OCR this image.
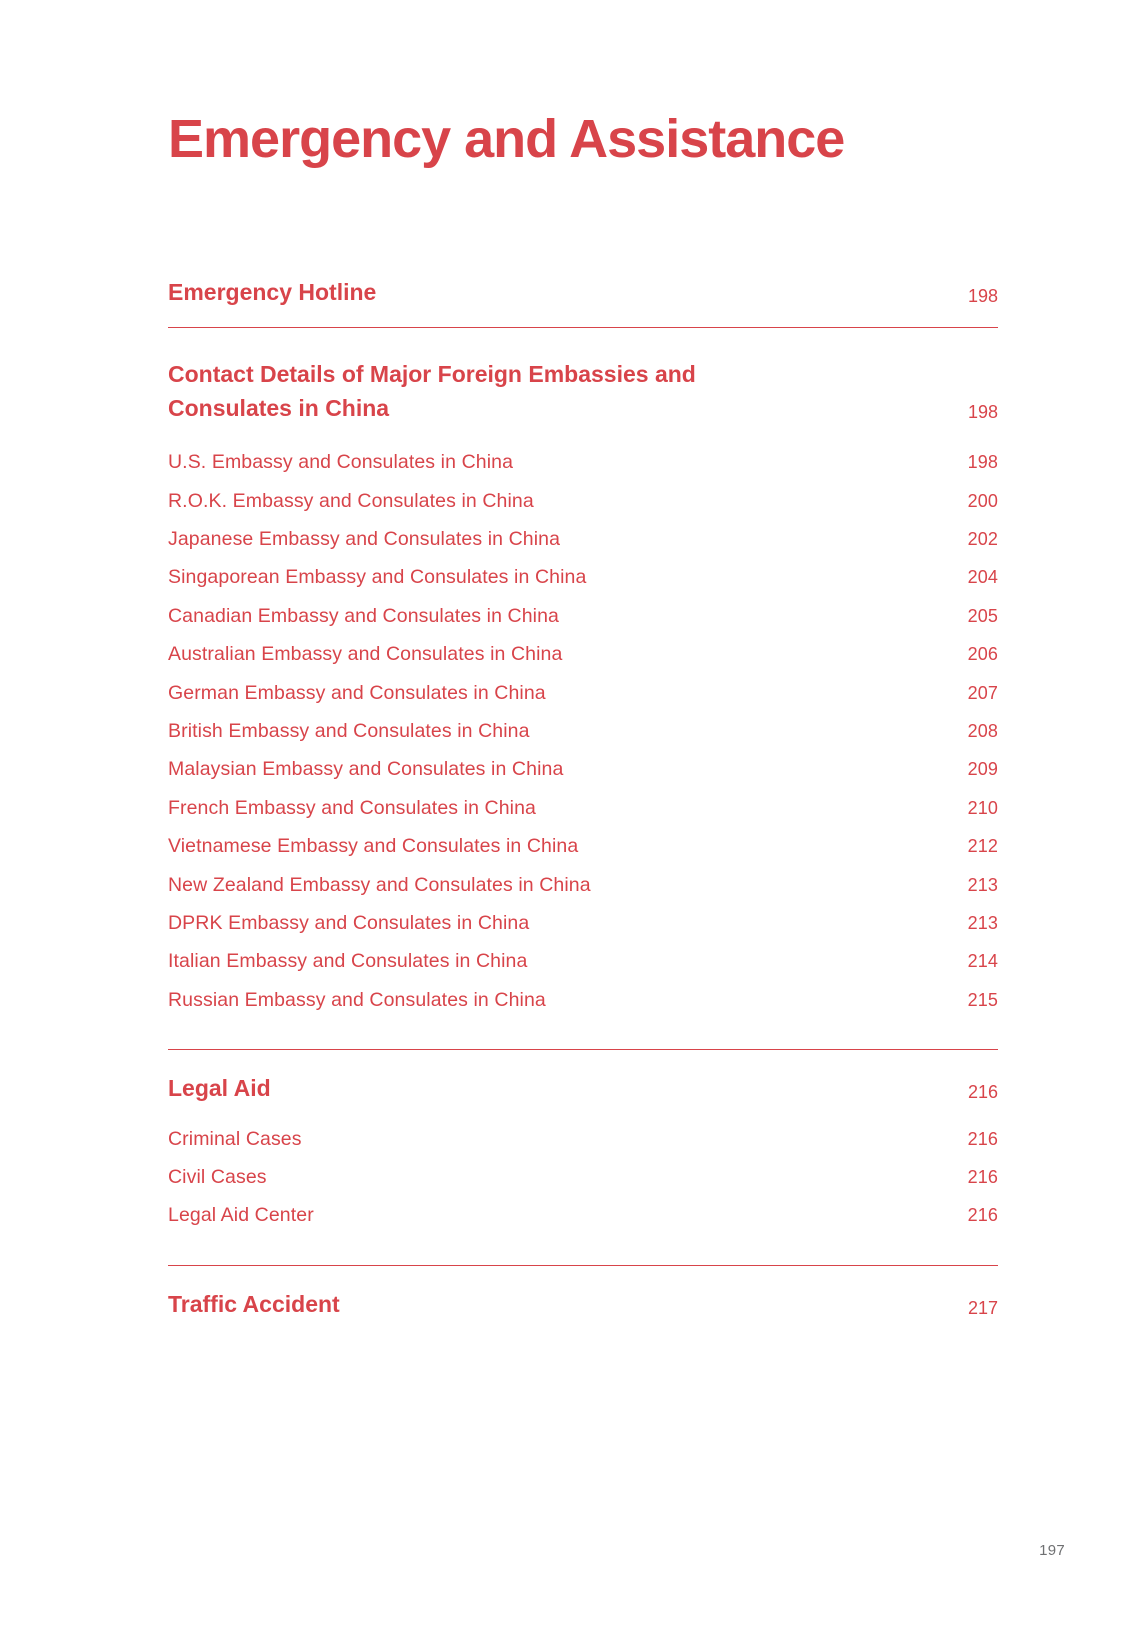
Emergency and Assistance
Emergency Hotline	198
Contact Details of Major Foreign Embassies and Consulates in China	198
U.S. Embassy and Consulates in China	198
R.O.K. Embassy and Consulates in China	200
Japanese Embassy and Consulates in China	202
Singaporean Embassy and Consulates in China	204
Canadian Embassy and Consulates in China	205
Australian Embassy and Consulates in China	206
German Embassy and Consulates in China	207
British Embassy and Consulates in China	208
Malaysian Embassy and Consulates in China	209
French Embassy and Consulates in China	210
Vietnamese Embassy and Consulates in China	212
New Zealand Embassy and Consulates in China	213
DPRK Embassy and Consulates in China	213
Italian Embassy and Consulates in China	214
Russian Embassy and Consulates in China	215
Legal Aid	216
Criminal Cases	216
Civil Cases	216
Legal Aid Center	216
Traffic Accident	217
197
